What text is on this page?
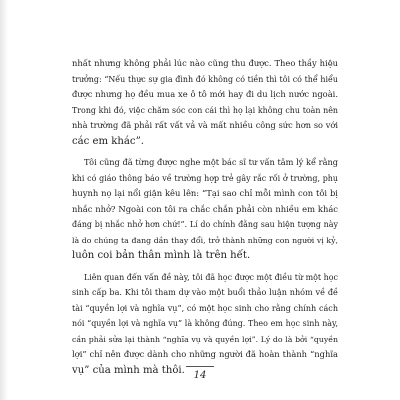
nhất nhưng không phải lúc nào cũng thu được. Theo thầy hiệu
trưởng: “Nếu thực sự gia đình đó không có tiền thì tôi có thể hiểu
được nhưng họ đều mua xe ô tô mới hay đi du lịch nước ngoài.
Trong khi đó, việc chăm sóc con cái thì họ lại không chu toàn nên
nhà trường đã phải rất vất vả và mất nhiều công sức hơn so với
các em khác”.
Tôi cũng đã từng được nghe một bác sĩ tư vấn tâm lý kể rằng
khi có giáo thông báo về trường hợp trẻ gây rắc rối ở trường, phụ
huynh nọ lại nổi giận kêu lên: “Tại sao chỉ mỗi mình con tôi bị
nhắc nhở? Ngoài con tôi ra chắc chắn phải còn nhiều em khác
đáng bị nhắc nhở hơn chứ!”. Lí do chính đằng sau hiện tượng này
là do chúng ta đang dần thay đổi, trở thành những con người vị kỷ,
luôn coi bản thân mình là trên hết.
Liên quan đến vấn đề này, tôi đã học được một điều từ một học
sinh cấp ba. Khi tôi tham dự vào một buổi thảo luận nhóm về đề
tài “quyền lợi và nghĩa vụ”, có một học sinh cho rằng chính cách
nói “quyền lợi và nghĩa vụ” là không đúng. Theo em học sinh này,
cần phải sửa lại thành “nghĩa vụ và quyền lợi”. Lý do là bởi “quyền
lợi” chỉ nên được dành cho những người đã hoàn thành “nghĩa
vụ” của mình mà thôi. 14
